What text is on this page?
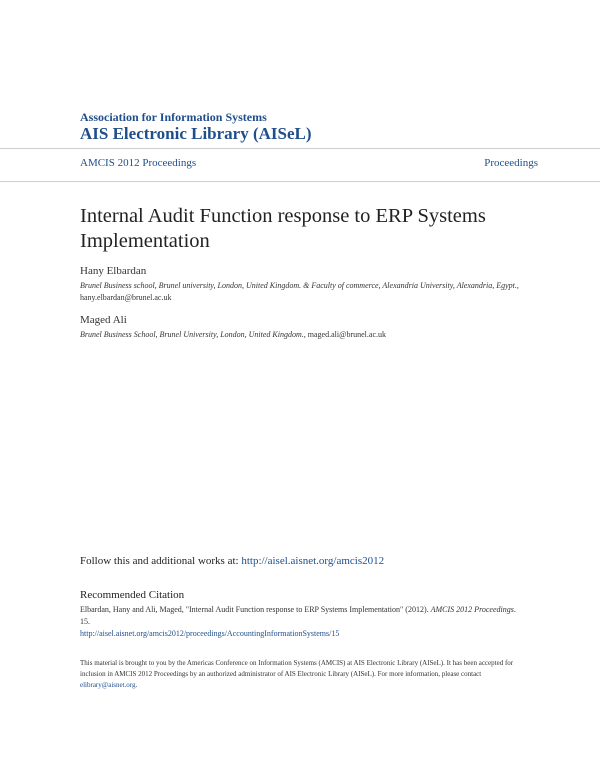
Association for Information Systems
AIS Electronic Library (AISeL)
AMCIS 2012 Proceedings	Proceedings
Internal Audit Function response to ERP Systems Implementation
Hany Elbardan
Brunel Business school, Brunel university, London, United Kingdom. & Faculty of commerce, Alexandria University, Alexandria, Egypt., hany.elbardan@brunel.ac.uk
Maged Ali
Brunel Business School, Brunel University, London, United Kingdom., maged.ali@brunel.ac.uk
Follow this and additional works at: http://aisel.aisnet.org/amcis2012
Recommended Citation
Elbardan, Hany and Ali, Maged, "Internal Audit Function response to ERP Systems Implementation" (2012). AMCIS 2012 Proceedings. 15.
http://aisel.aisnet.org/amcis2012/proceedings/AccountingInformationSystems/15
This material is brought to you by the Americas Conference on Information Systems (AMCIS) at AIS Electronic Library (AISeL). It has been accepted for inclusion in AMCIS 2012 Proceedings by an authorized administrator of AIS Electronic Library (AISeL). For more information, please contact elibrary@aisnet.org.
